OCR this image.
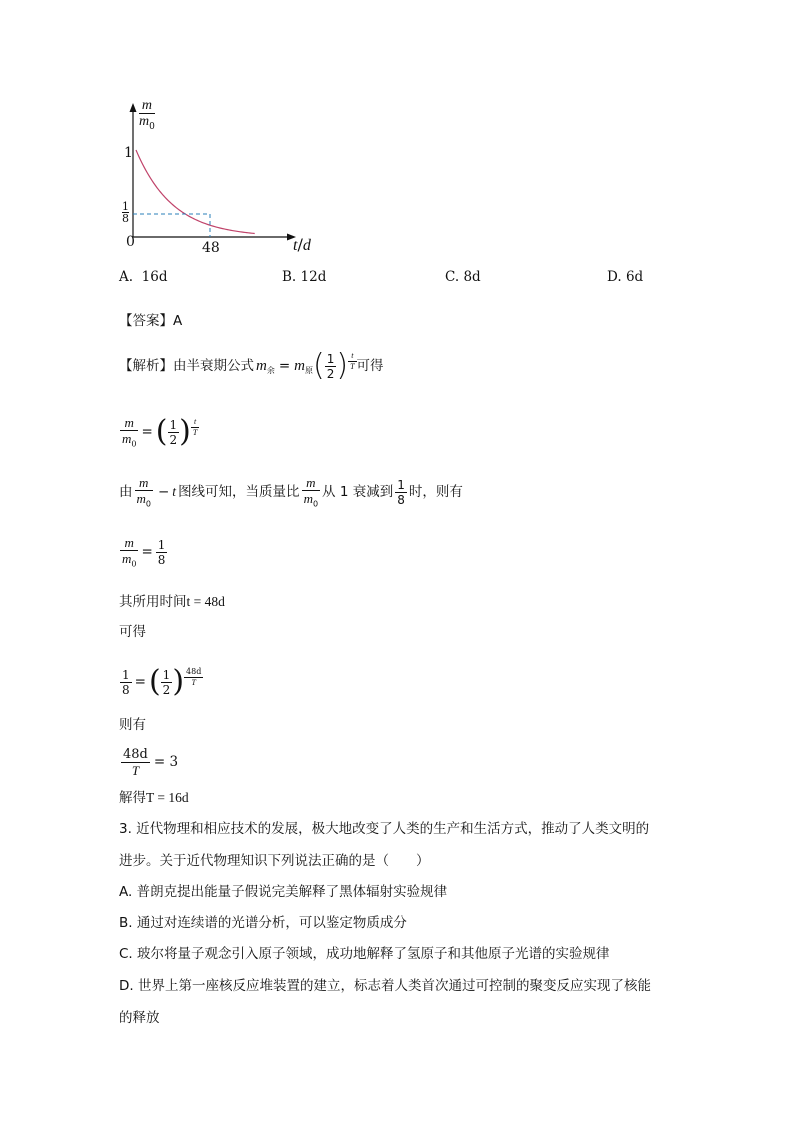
$\frac{m}{m_0}$
1
1
8
0	48	t/d
A. 16d	B. 12d	C. 8d	D. 6d
【答案】A
【解析】 由半衰期公式 $m_余 = m_原$ ( $\frac{1}{2}$ ) $\frac{t}{T}$ 可得
$\frac{m}{m_0}$ = ( $\frac{1}{2}$ ) $\frac{t}{T}$
由 $\frac{m}{m_0} - t$ 图线可知，当质量比 $\frac{m}{m_0}$ 从 1 衰减到 $\frac{1}{8}$ 时，则有
$\frac{m}{m_0} = \frac{1}{8}$
其所用时间t = 48d
可得
$\frac{1}{8}$ = ( $\frac{1}{2}$ ) $\frac{48d}{T}$
则有
$\frac{48d}{T} = 3$
解得T = 16d
3. 近代物理和相应技术的发展，极大地改变了人类的生产和生活方式，推动了人类文明的
进步。关于近代物理知识下列说法正确的是（　　）
A. 普朗克提出能量子假说完美解释了黑体辐射实验规律
B. 通过对连续谱的光谱分析，可以鉴定物质成分
C. 玻尔将量子观念引入原子领域，成功地解释了氢原子和其他原子光谱的实验规律
D. 世界上第一座核反应堆装置的建立，标志着人类首次通过可控制的聚变反应实现了核能
的释放
